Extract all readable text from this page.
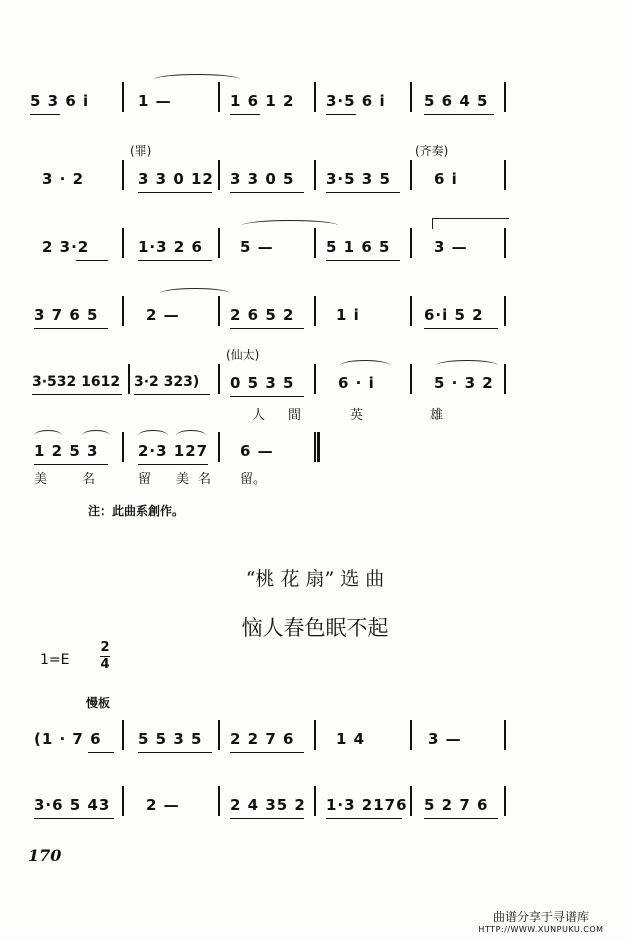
5 3 6 i	1 —	1 6 1 2 3·5 6 i	5 6 4 5
(罪)	(齐奏)
3 · 2	3 3 0 12 3 3 0 5 3·5 3 5	6 i
2 3·2	1·3 2 6 5 —	5 1 6 5	3 —
3 7 6 5	2 —	2 6 5 2	1 i	6·i 5 2
(仙太)
3·532 1612 3·2 323) 0 5 3 5	6 · i	5 · 3 2
人 間	英	雄
1 2 5 3	2·3 127 6 —
美	名	留 美 名 留。
注：此曲系創作。
“桃 花 扇” 选 曲
恼人春色眠不起
1=E
2
4
慢板
(1 · 7 6 5 5 3 5 2 2 7 6	1 4	3 —
3·6 5 43 2 —	2 4 35 2 1·3 2176 5 2 7 6
170
曲谱分享于寻谱库
HTTP://WWW.XUNPUKU.COM
